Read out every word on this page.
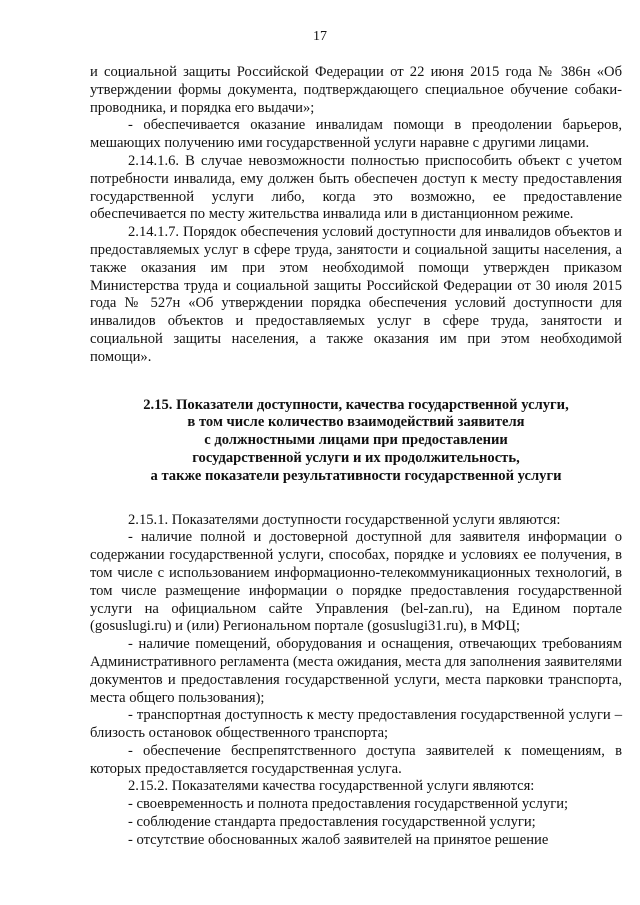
17

и социальной защиты Российской Федерации от 22 июня 2015 года № 386н «Об утверждении формы документа, подтверждающего специальное обучение собаки-проводника, и порядка его выдачи»;

- обеспечивается оказание инвалидам помощи в преодолении барьеров, мешающих получению ими государственной услуги наравне с другими лицами.

2.14.1.6. В случае невозможности полностью приспособить объект с учетом потребности инвалида, ему должен быть обеспечен доступ к месту предоставления государственной услуги либо, когда это возможно, ее предоставление обеспечивается по месту жительства инвалида или в дистанционном режиме.

2.14.1.7. Порядок обеспечения условий доступности для инвалидов объектов и предоставляемых услуг в сфере труда, занятости и социальной защиты населения, а также оказания им при этом необходимой помощи утвержден приказом Министерства труда и социальной защиты Российской Федерации от 30 июля 2015 года № 527н «Об утверждении порядка обеспечения условий доступности для инвалидов объектов и предоставляемых услуг в сфере труда, занятости и социальной защиты населения, а также оказания им при этом необходимой помощи».

2.15. Показатели доступности, качества государственной услуги,
в том числе количество взаимодействий заявителя
с должностными лицами при предоставлении
государственной услуги и их продолжительность,
а также показатели результативности государственной услуги

2.15.1. Показателями доступности государственной услуги являются:

- наличие полной и достоверной доступной для заявителя информации о содержании государственной услуги, способах, порядке и условиях ее получения, в том числе с использованием информационно-телекоммуникационных технологий, в том числе размещение информации о порядке предоставления государственной услуги на официальном сайте Управления (bel-zan.ru), на Едином портале (gosuslugi.ru) и (или) Региональном портале (gosuslugi31.ru), в МФЦ;

- наличие помещений, оборудования и оснащения, отвечающих требованиям Административного регламента (места ожидания, места для заполнения заявителями документов и предоставления государственной услуги, места парковки транспорта, места общего пользования);

- транспортная доступность к месту предоставления государственной услуги – близость остановок общественного транспорта;

- обеспечение беспрепятственного доступа заявителей к помещениям, в которых предоставляется государственная услуга.

2.15.2. Показателями качества государственной услуги являются:

- своевременность и полнота предоставления государственной услуги;

- соблюдение стандарта предоставления государственной услуги;

- отсутствие обоснованных жалоб заявителей на принятое решение
